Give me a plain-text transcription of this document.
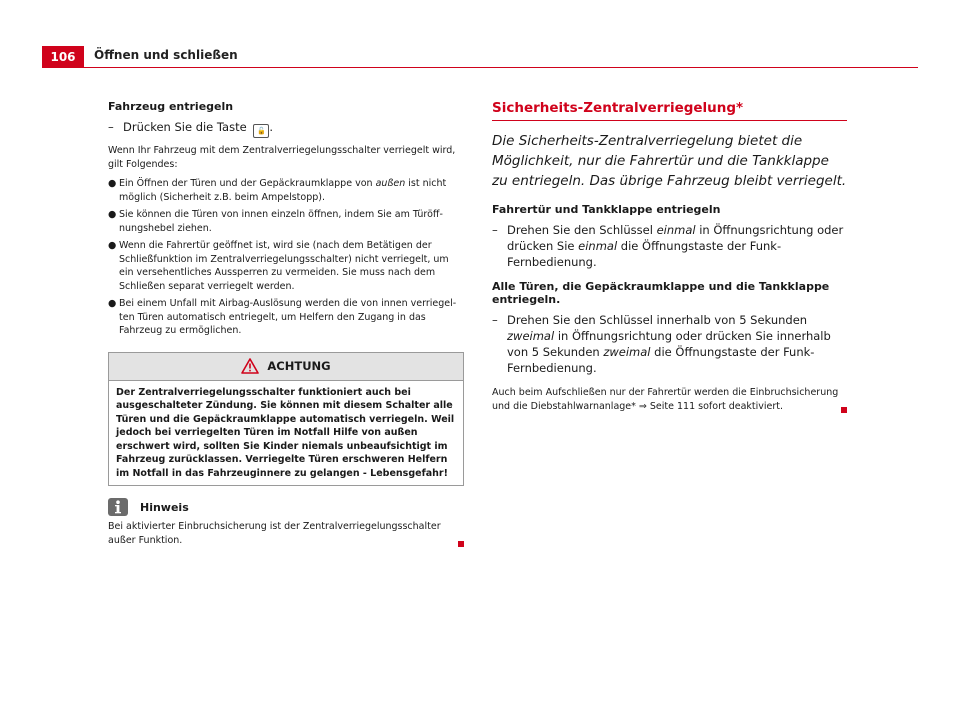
106	Öffnen und schließen
Fahrzeug entriegeln
– Drücken Sie die Taste 🔓 .

Wenn Ihr Fahrzeug mit dem Zentralverriegelungsschalter verriegelt wird, gilt Folgendes:

● Ein Öffnen der Türen und der Gepäckraumklappe von außen ist nicht möglich (Sicherheit z.B. beim Ampelstopp).
● Sie können die Türen von innen einzeln öffnen, indem Sie am Türöffnungshebel ziehen.
● Wenn die Fahrertür geöffnet ist, wird sie (nach dem Betätigen der Schließfunktion im Zentralverriegelungsschalter) nicht verriegelt, um ein versehentliches Aussperren zu vermeiden. Sie muss nach dem Schließen separat verriegelt werden.
● Bei einem Unfall mit Airbag-Auslösung werden die von innen verriegelten Türen automatisch entriegelt, um Helfern den Zugang in das Fahrzeug zu ermöglichen.
ACHTUNG
Der Zentralverriegelungsschalter funktioniert auch bei ausgeschalteter Zündung. Sie können mit diesem Schalter alle Türen und die Gepäckraumklappe automatisch verriegeln. Weil jedoch bei verriegelten Türen im Notfall Hilfe von außen erschwert wird, sollten Sie Kinder niemals unbeaufsichtigt im Fahrzeug zurücklassen. Verriegelte Türen erschweren Helfern im Notfall in das Fahrzeuginnere zu gelangen - Lebensgefahr!
Hinweis

Bei aktivierter Einbruchsicherung ist der Zentralverriegelungsschalter außer Funktion.

Sicherheits-Zentralverriegelung*

Die Sicherheits-Zentralverriegelung bietet die Möglichkeit, nur die Fahrertür und die Tankklappe zu entriegeln. Das übrige Fahrzeug bleibt verriegelt.

Fahrertür und Tankklappe entriegeln
– Drehen Sie den Schlüssel einmal in Öffnungsrichtung oder drücken Sie einmal die Öffnungstaste der Funk-Fernbedienung.
Alle Türen, die Gepäckraumklappe und die Tankklappe entriegeln.
– Drehen Sie den Schlüssel innerhalb von 5 Sekunden zweimal in Öffnungsrichtung oder drücken Sie innerhalb von 5 Sekunden zweimal die Öffnungstaste der Funk-Fernbedienung.

Auch beim Aufschließen nur der Fahrertür werden die Einbruchsicherung und die Diebstahlwarnanlage* ⇒ Seite 111 sofort deaktiviert.
